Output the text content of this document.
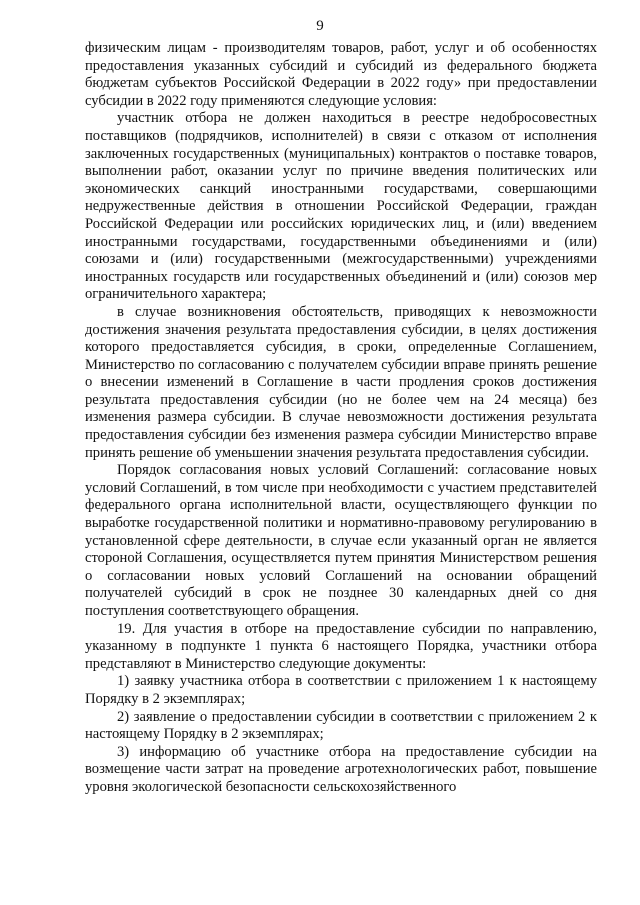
9

физическим лицам - производителям товаров, работ, услуг и об особенностях предоставления указанных субсидий и субсидий из федерального бюджета бюджетам субъектов Российской Федерации в 2022 году» при предоставлении субсидии в 2022 году применяются следующие условия:

участник отбора не должен находиться в реестре недобросовестных поставщиков (подрядчиков, исполнителей) в связи с отказом от исполнения заключенных государственных (муниципальных) контрактов о поставке товаров, выполнении работ, оказании услуг по причине введения политических или экономических санкций иностранными государствами, совершающими недружественные действия в отношении Российской Федерации, граждан Российской Федерации или российских юридических лиц, и (или) введением иностранными государствами, государственными объединениями и (или) союзами и (или) государственными (межгосударственными) учреждениями иностранных государств или государственных объединений и (или) союзов мер ограничительного характера;

в случае возникновения обстоятельств, приводящих к невозможности достижения значения результата предоставления субсидии, в целях достижения которого предоставляется субсидия, в сроки, определенные Соглашением, Министерство по согласованию с получателем субсидии вправе принять решение о внесении изменений в Соглашение в части продления сроков достижения результата предоставления субсидии (но не более чем на 24 месяца) без изменения размера субсидии. В случае невозможности достижения результата предоставления субсидии без изменения размера субсидии Министерство вправе принять решение об уменьшении значения результата предоставления субсидии.

Порядок согласования новых условий Соглашений: согласование новых условий Соглашений, в том числе при необходимости с участием представителей федерального органа исполнительной власти, осуществляющего функции по выработке государственной политики и нормативно-правовому регулированию в установленной сфере деятельности, в случае если указанный орган не является стороной Соглашения, осуществляется путем принятия Министерством решения о согласовании новых условий Соглашений на основании обращений получателей субсидий в срок не позднее 30 календарных дней со дня поступления соответствующего обращения.

19. Для участия в отборе на предоставление субсидии по направлению, указанному в подпункте 1 пункта 6 настоящего Порядка, участники отбора представляют в Министерство следующие документы:

1) заявку участника отбора в соответствии с приложением 1 к настоящему Порядку в 2 экземплярах;

2) заявление о предоставлении субсидии в соответствии с приложением 2 к настоящему Порядку в 2 экземплярах;

3) информацию об участнике отбора на предоставление субсидии на возмещение части затрат на проведение агротехнологических работ, повышение уровня экологической безопасности сельскохозяйственного
